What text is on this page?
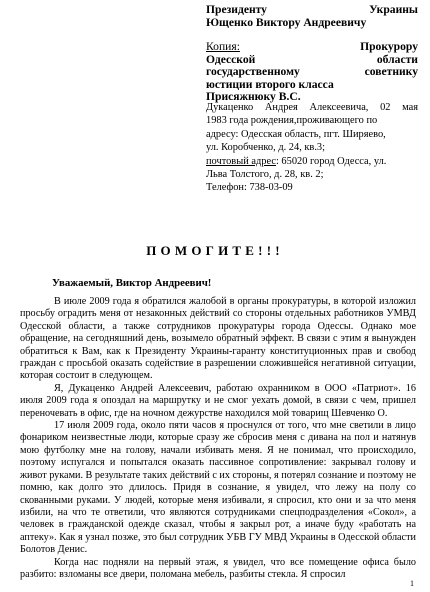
Президенту	Украины
Ющенко Виктору Андреевичу
Копия:	Прокурору
Одесской	области
государственному	советнику
юстиции второго класса
Присяжнюку В.С.
Дукаценко Андрея Алексеевича, 02 мая
1983 года рождения,проживающего по
адресу: Одесская область, пгт. Ширяево,
ул. Коробченко, д. 24, кв.3;
почтовый адрес: 65020 город Одесса, ул.
Льва Толстого, д. 28, кв. 2;
Телефон: 738-03-09
ПОМОГИТЕ!!!
Уважаемый, Виктор Андреевич!

В июле 2009 года я обратился жалобой в органы прокуратуры, в которой изложил просьбу оградить меня от незаконных действий со стороны отдельных работников УМВД Одесской области, а также сотрудников прокуратуры города Одессы. Однако мое обращение, на сегодняшний день, возымело обратный эффект. В связи с этим я вынужден обратиться к Вам, как к Президенту Украины-гаранту конституционных прав и свобод граждан с просьбой оказать содействие в разрешении сложившейся негативной ситуации, которая состоит в следующем.

Я, Дукаценко Андрей Алексеевич, работаю охранником в ООО «Патриот». 16 июля 2009 года я опоздал на маршрутку и не смог уехать домой, в связи с чем, пришел переночевать в офис, где на ночном дежурстве находился мой товарищ Шевченко О.

17 июля 2009 года, около пяти часов я проснулся от того, что мне светили в лицо фонариком неизвестные люди, которые сразу же сбросив меня с дивана на пол и натянув мою футболку мне на голову, начали избивать меня. Я не понимал, что происходило, поэтому испугался и попытался оказать пассивное сопротивление: закрывал голову и живот руками. В результате таких действий с их стороны, я потерял сознание и поэтому не помню, как долго это длилось. Придя в сознание, я увидел, что лежу на полу со скованными руками. У людей, которые меня избивали, я спросил, кто они и за что меня избили, на что те ответили, что являются сотрудниками спецподразделения «Сокол», а человек в гражданской одежде сказал, чтобы я закрыл рот, а иначе буду «работать на аптеку». Как я узнал позже, это был сотрудник УБВ ГУ МВД Украины в Одесской области Болотов Денис.

Когда нас подняли на первый этаж, я увидел, что все помещение офиса было разбито: взломаны все двери, поломана мебель, разбиты стекла. Я спросил

1
